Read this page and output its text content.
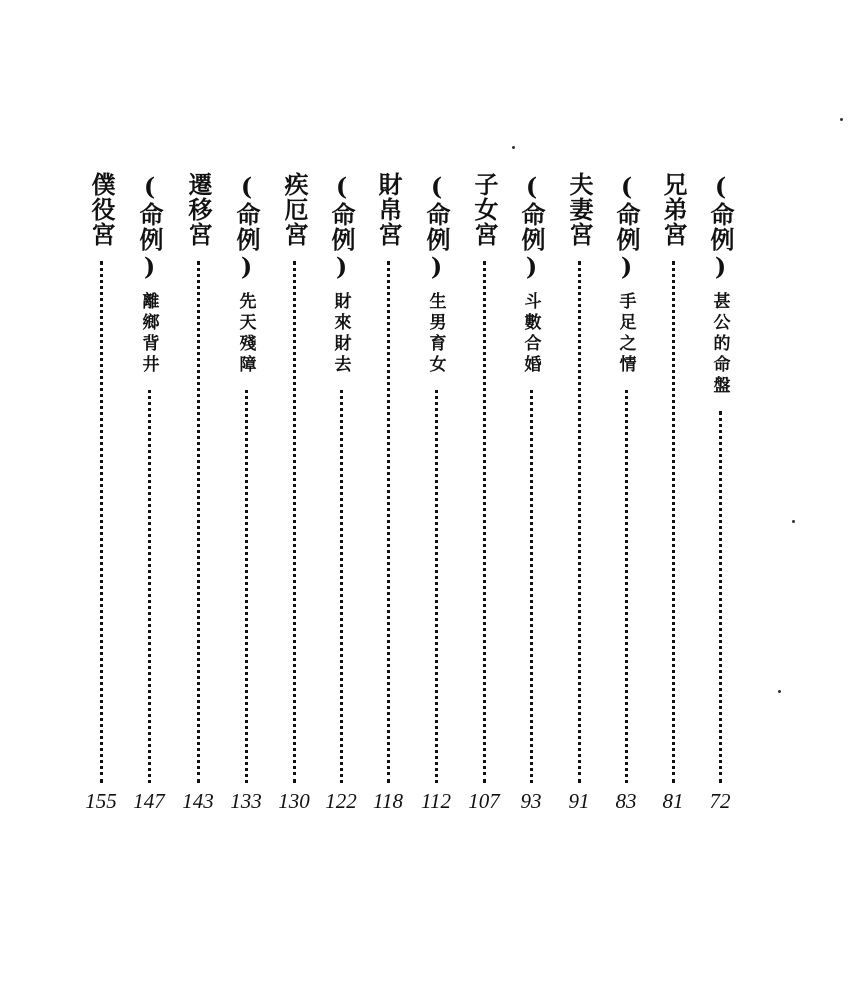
(命例)
甚公的命盤
72
兄弟宮
81
(命例)
手足之情
83
夫妻宮
91
(命例)
斗數合婚
93
子女宮
107
(命例)
生男育女
112
財帛宮
118
(命例)
財來財去
122
疾厄宮
130
(命例)
先天殘障
133
遷移宮
143
(命例)
離鄉背井
147
僕役宮
155
